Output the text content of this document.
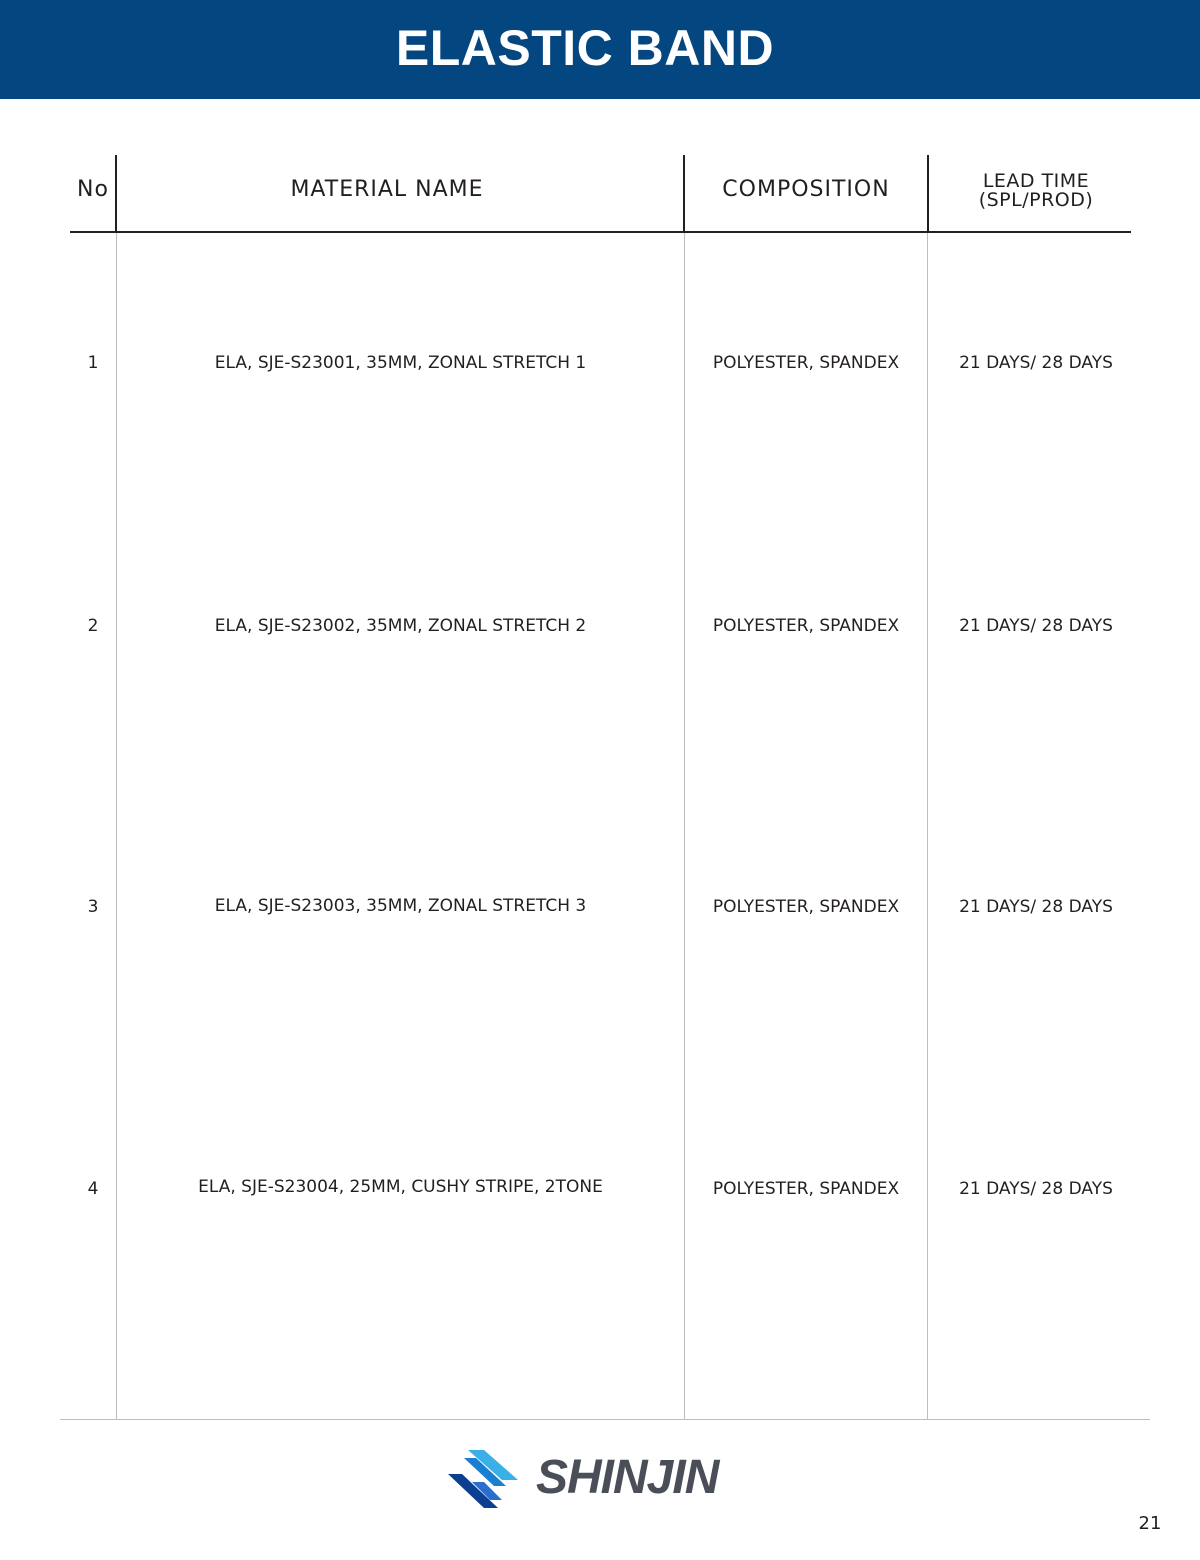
ELASTIC BAND
No	MATERIAL NAME	COMPOSITION	LEAD TIME
(SPL/PROD)
1	ELA, SJE-S23001, 35MM, ZONAL STRETCH 1	POLYESTER, SPANDEX	21 DAYS/ 28 DAYS
2	ELA, SJE-S23002, 35MM, ZONAL STRETCH 2	POLYESTER, SPANDEX	21 DAYS/ 28 DAYS
3	ELA, SJE-S23003, 35MM, ZONAL STRETCH 3	POLYESTER, SPANDEX	21 DAYS/ 28 DAYS
4	ELA, SJE-S23004, 25MM, CUSHY STRIPE, 2TONE	POLYESTER, SPANDEX	21 DAYS/ 28 DAYS
SHINJIN
21
